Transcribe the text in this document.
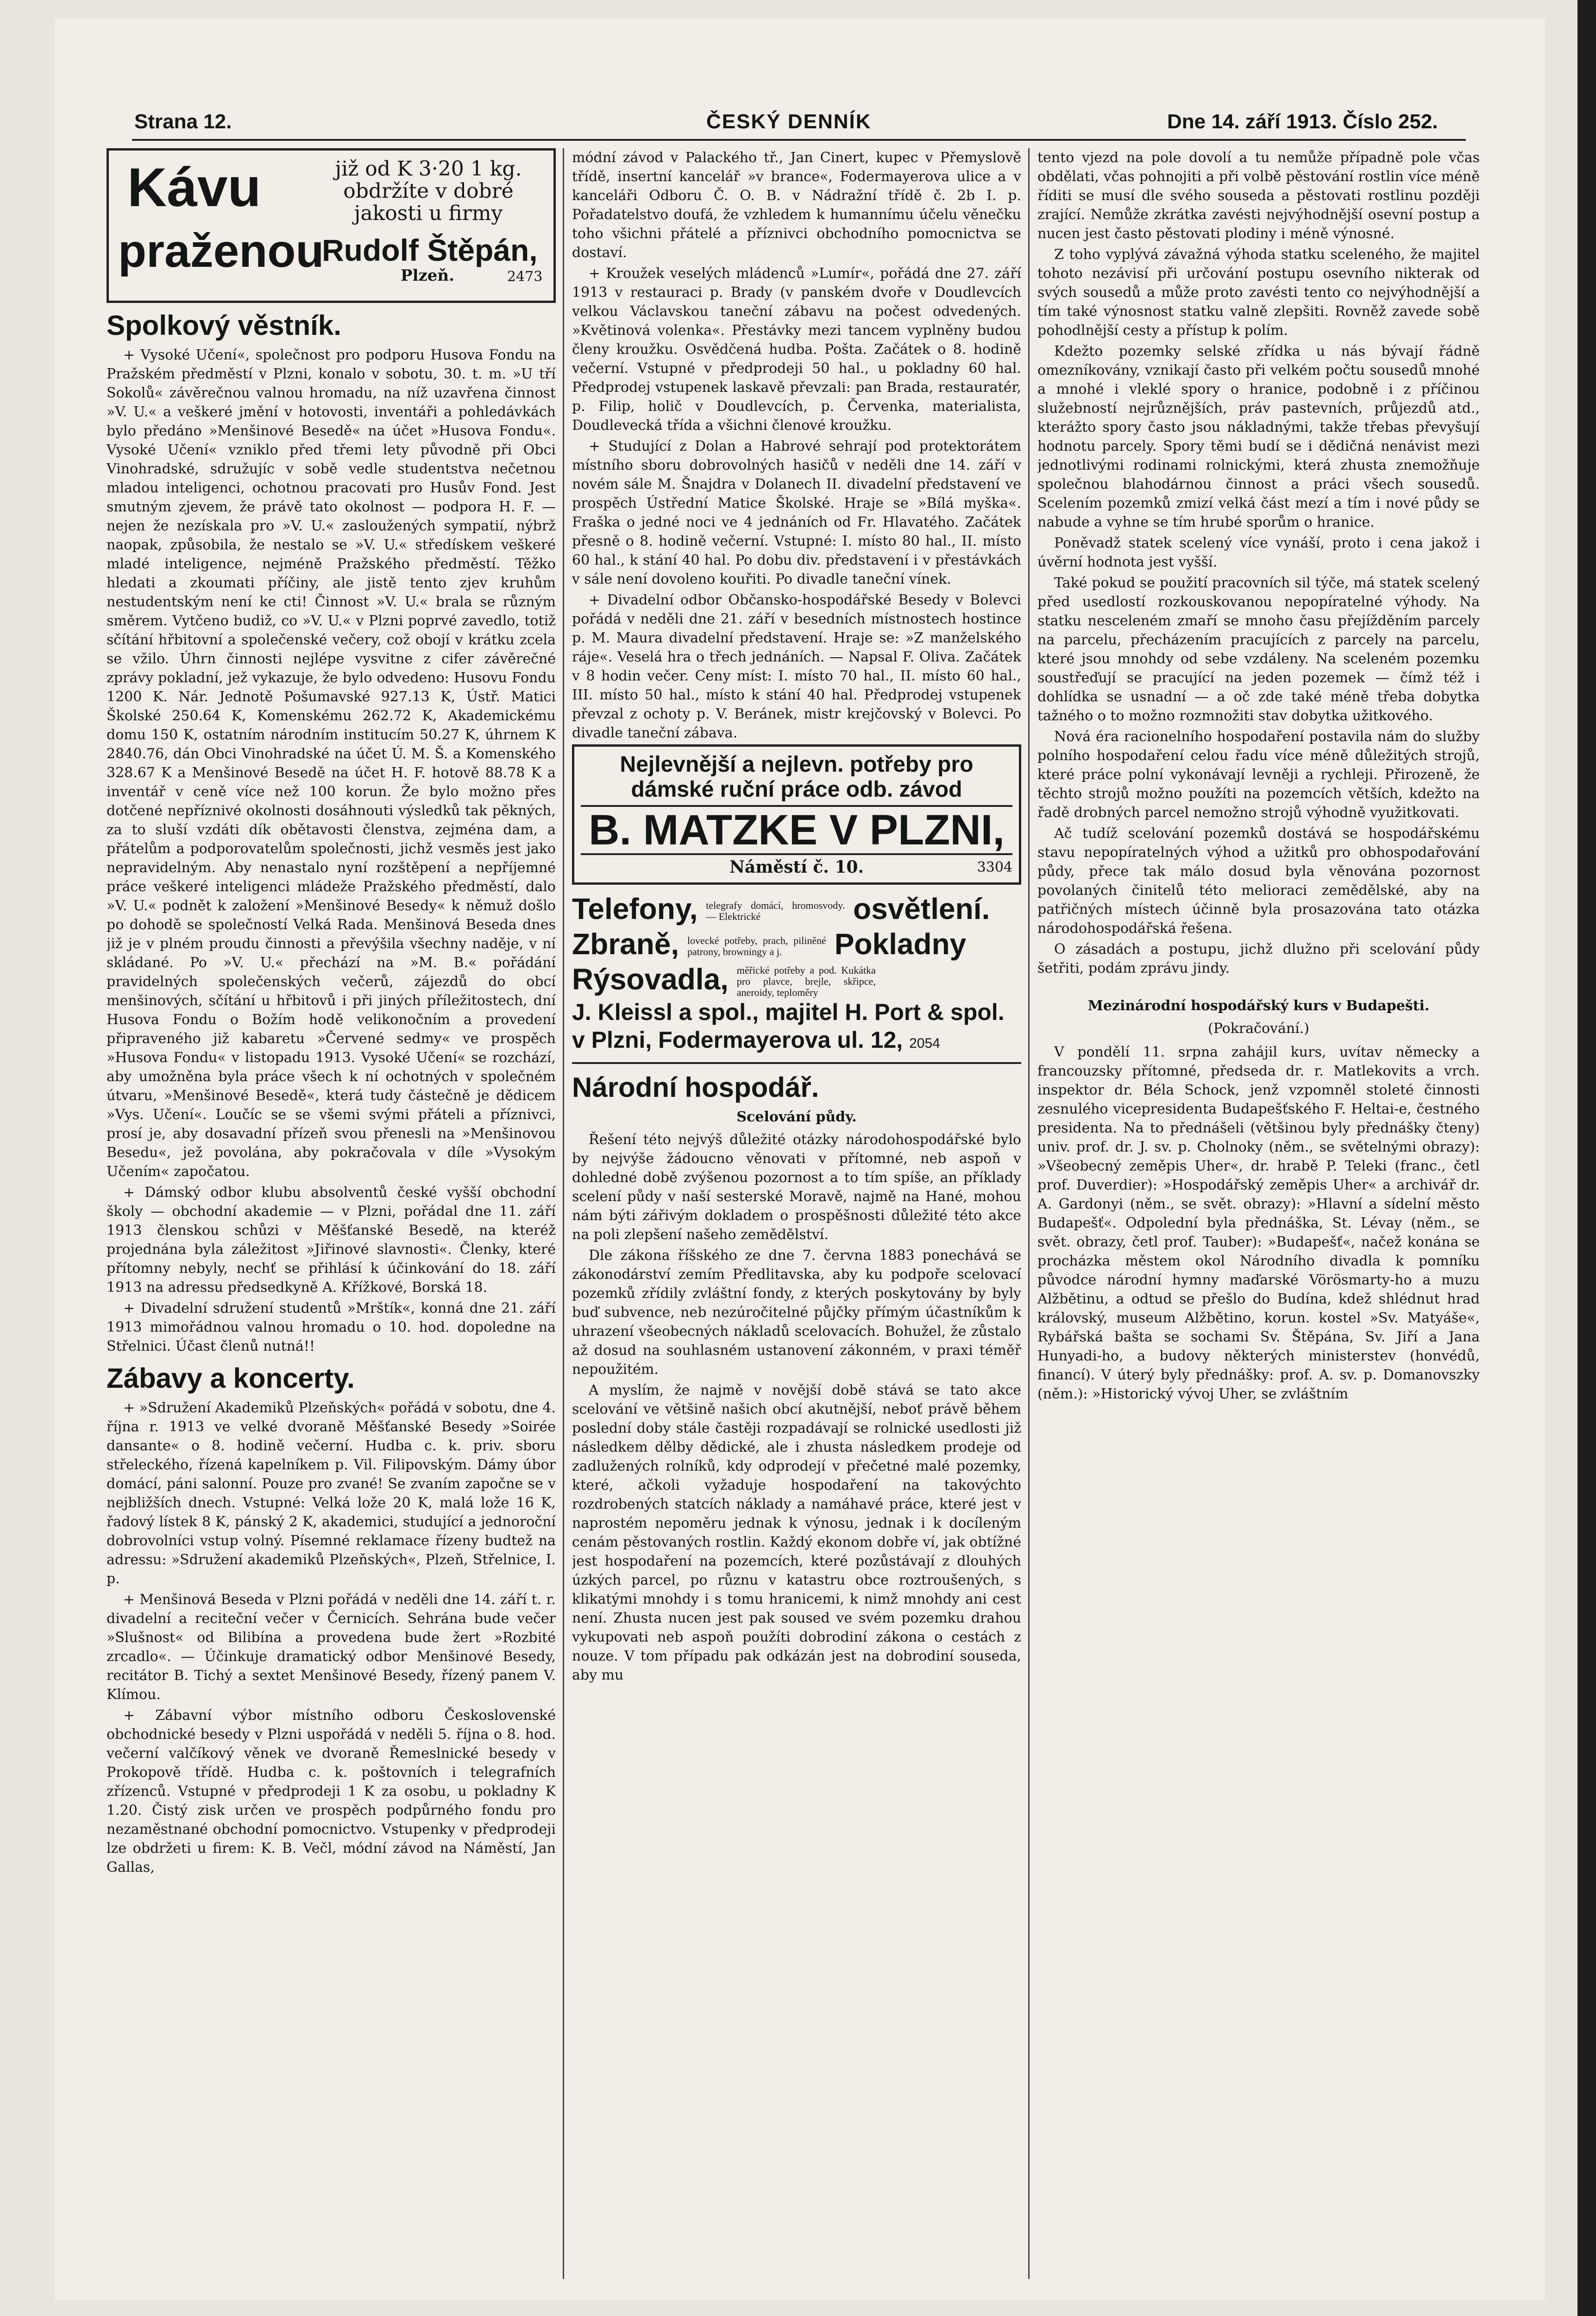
Strana 12.	ČESKÝ DENNÍK	Dne 14. září 1913. Číslo 252.
Kávu	již od K 3·20 1 kg. obdržíte v dobré jakosti u firmy
praženou
Rudolf Štěpán,
Plzeň.	2473
Spolkový věstník.

+ Vysoké Učení«, společnost pro podporu Husova Fondu na Pražském předměstí v Plzni, konalo v sobotu, 30. t. m. »U tří Sokolů« závěrečnou valnou hromadu, na níž uzavřena činnost »V. U.« a veškeré jmění v hotovosti, inventáři a pohledávkách bylo předáno »Menšinové Besedě« na účet »Husova Fondu«. Vysoké Učení« vzniklo před třemi lety původně při Obci Vinohradské, sdružujíc v sobě vedle studentstva nečetnou mladou inteligenci, ochotnou pracovati pro Husův Fond. Jest smutným zjevem, že právě tato okolnost — podpora H. F. — nejen že nezískala pro »V. U.« zasloužených sympatií, nýbrž naopak, způsobila, že nestalo se »V. U.« středískem veškeré mladé inteligence, nejméně Pražského předměstí. Těžko hledati a zkoumati příčiny, ale jistě tento zjev kruhům nestudentským není ke cti! Činnost »V. U.« brala se různým směrem. Vytčeno budiž, co »V. U.« v Plzni poprvé zavedlo, totiž sčítání hřbitovní a společenské večery, což obojí v krátku zcela se vžilo. Úhrn činnosti nejlépe vysvitne z cifer závěrečné zprávy pokladní, jež vykazuje, že bylo odvedeno: Husovu Fondu 1200 K. Nár. Jednotě Pošumavské 927.13 K, Ústř. Matici Školské 250.64 K, Komenskému 262.72 K, Akademickému domu 150 K, ostatním národním institucím 50.27 K, úhrnem K 2840.76, dán Obci Vinohradské na účet Ú. M. Š. a Komenského 328.67 K a Menšinové Besedě na účet H. F. hotově 88.78 K a inventář v ceně více než 100 korun. Že bylo možno přes dotčené nepříznivé okolnosti dosáhnouti výsledků tak pěkných, za to sluší vzdáti dík obětavosti členstva, zejména dam, a přátelům a podporovatelům společnosti, jichž vesměs jest jako nepravidelným. Aby nenastalo nyní rozštěpení a nepříjemné práce veškeré inteligenci mládeže Pražského předměstí, dalo »V. U.« podnět k založení »Menšinové Besedy« k němuž došlo po dohodě se společností Velká Rada. Menšinová Beseda dnes již je v plném proudu činnosti a převýšila všechny naděje, v ní skládané. Po »V. U.« přechází na »M. B.« pořádání pravidelných společenských večerů, zájezdů do obcí menšinových, sčítání u hřbitovů i při jiných příležitostech, dní Husova Fondu o Božím hodě velikonočním a provedení připraveného již kabaretu »Červené sedmy« ve prospěch »Husova Fondu« v listopadu 1913. Vysoké Učení« se rozchází, aby umožněna byla práce všech k ní ochotných v společném útvaru, »Menšinové Besedě«, která tudy částečně je dědicem »Vys. Učení«. Loučíc se se všemi svými přáteli a příznivci, prosí je, aby dosavadní přízeň svou přenesli na »Menšinovou Besedu«, jež povolána, aby pokračovala v díle »Vysokým Učením« započatou.

+ Dámský odbor klubu absolventů české vyšší obchodní školy — obchodní akademie — v Plzni, pořádal dne 11. září 1913 členskou schůzi v Měšťanské Besedě, na kteréž projednána byla záležitost »Jiřinové slavnosti«. Členky, které přítomny nebyly, nechť se přihlásí k účinkování do 18. září 1913 na adressu předsedkyně A. Křížkové, Borská 18.

+ Divadelní sdružení studentů »Mrštík«, konná dne 21. září 1913 mimořádnou valnou hromadu o 10. hod. dopoledne na Střelnici. Účast členů nutná!!

Zábavy a koncerty.

+ »Sdružení Akademiků Plzeňských« pořádá v sobotu, dne 4. října r. 1913 ve velké dvoraně Měšťanské Besedy »Soirée dansante« o 8. hodině večerní. Hudba c. k. priv. sboru střeleckého, řízená kapelníkem p. Vil. Filipovským. Dámy úbor domácí, páni salonní. Pouze pro zvané! Se zvaním započne se v nejbližších dnech. Vstupné: Velká lože 20 K, malá lože 16 K, řadový lístek 8 K, pánský 2 K, akademici, studující a jednoroční dobrovolníci vstup volný. Písemné reklamace řízeny budtež na adressu: »Sdružení akademiků Plzeňských«, Plzeň, Střelnice, I. p.

+ Menšinová Beseda v Plzni pořádá v neděli dne 14. září t. r. divadelní a reciteční večer v Černicích. Sehrána bude večer »Slušnost« od Bilibína a provedena bude žert »Rozbité zrcadlo«. — Účinkuje dramatický odbor Menšinové Besedy, recitátor B. Tichý a sextet Menšinové Besedy, řízený panem V. Klímou.

+ Zábavní výbor místního odboru Československé obchodnické besedy v Plzni uspořádá v neděli 5. října o 8. hod. večerní valčíkový věnek ve dvoraně Řemeslnické besedy v Prokopově třídě. Hudba c. k. poštovních i telegrafních zřízenců. Vstupné v předprodeji 1 K za osobu, u pokladny K 1.20. Čistý zisk určen ve prospěch podpůrného fondu pro nezaměstnané obchodní pomocnictvo. Vstupenky v předprodeji lze obdržeti u firem: K. B. Večl, módní závod na Náměstí, Jan Gallas,

módní závod v Palackého tř., Jan Cinert, kupec v Přemyslově třídě, insertní kancelář »v brance«, Fodermayerova ulice a v kanceláři Odboru Č. O. B. v Nádražní třídě č. 2b I. p. Pořadatelstvo doufá, že vzhledem k humannímu účelu věnečku toho všichni přátelé a příznivci obchodního pomocnictva se dostaví.

+ Kroužek veselých mládenců »Lumír«, pořádá dne 27. září 1913 v restauraci p. Brady (v panském dvoře v Doudlevcích velkou Václavskou taneční zábavu na počest odvedených. »Květinová volenka«. Přestávky mezi tancem vyplněny budou členy kroužku. Osvědčená hudba. Pošta. Začátek o 8. hodině večerní. Vstupné v předprodeji 50 hal., u pokladny 60 hal. Předprodej vstupenek laskavě převzali: pan Brada, restauratér, p. Filip, holič v Doudlevcích, p. Červenka, materialista, Doudlevecká třída a všichni členové kroužku.

+ Studující z Dolan a Habrové sehrají pod protektorátem místního sboru dobrovolných hasičů v neděli dne 14. září v novém sále M. Šnajdra v Dolanech II. divadelní představení ve prospěch Ústřední Matice Školské. Hraje se »Bílá myška«. Fraška o jedné noci ve 4 jednáních od Fr. Hlavatého. Začátek přesně o 8. hodině večerní. Vstupné: I. místo 80 hal., II. místo 60 hal., k stání 40 hal. Po dobu div. představení i v přestávkách v sále není dovoleno kouřiti. Po divadle taneční vínek.

+ Divadelní odbor Občansko-hospodářské Besedy v Bolevci pořádá v neděli dne 21. září v besedních místnostech hostince p. M. Maura divadelní představení. Hraje se: »Z manželského ráje«. Veselá hra o třech jednáních. — Napsal F. Oliva. Začátek v 8 hodin večer. Ceny míst: I. místo 70 hal., II. místo 60 hal., III. místo 50 hal., místo k stání 40 hal. Předprodej vstupenek převzal z ochoty p. V. Beránek, mistr krejčovský v Bolevci. Po divadle taneční zábava.

Nejlevnější a nejlevn. potřeby pro dámské ruční práce odb. závod
B. MATZKE V PLZNI,
Náměstí č. 10.	3304
Telefony, telegrafy domácí, hromosvody. — Elektrické	osvětlení.
Zbraně, lovecké potřeby, prach, piliněné patrony, browningy a j. Pokladny
Rýsovadla, měřické potřeby a pod. Kukátka pro plavce, brejle, skřipce, aneroidy, teploměry
J. Kleissl a spol., majitel H. Port & spol.
v Plzni, Fodermayerova ul. 12, 2054
Národní hospodář.
Scelování půdy.

Řešení této nejvýš důležité otázky národohospodářské bylo by nejvýše žádoucno věnovati v přítomné, neb aspoň v dohledné době zvýšenou pozornost a to tím spíše, an příklady scelení půdy v naší sesterské Moravě, najmě na Hané, mohou nám býti zářivým dokladem o prospěšnosti důležité této akce na poli zlepšení našeho zemědělství.

Dle zákona říšského ze dne 7. června 1883 ponechává se zákonodárství zemím Předlitavska, aby ku podpoře scelovací pozemků zřídily zvláštní fondy, z kterých poskytovány by byly buď subvence, neb nezúročitelné půjčky přímým účastníkům k uhrazení všeobecných nákladů scelovacích. Bohužel, že zůstalo až dosud na souhlasném ustanovení zákonném, v praxi téměř nepoužitém.

A myslím, že najmě v novější době stává se tato akce scelování ve většině našich obcí akutnější, neboť právě během poslední doby stále častěji rozpadávají se rolnické usedlosti již následkem dělby dědické, ale i zhusta následkem prodeje od zadlužených rolníků, kdy odprodejí v přečetné malé pozemky, které, ačkoli vyžaduje hospodaření na takovýchto rozdrobených statcích náklady a namáhavé práce, které jest v naprostém nepoměru jednak k výnosu, jednak i k docíleným cenám pěstovaných rostlin. Každý ekonom dobře ví, jak obtížné jest hospodaření na pozemcích, které pozůstávají z dlouhých úzkých parcel, po různu v katastru obce roztroušených, s klikatými mnohdy i s tomu hranicemi, k nimž mnohdy ani cest není. Zhusta nucen jest pak soused ve svém pozemku drahou vykupovati neb aspoň použíti dobrodiní zákona o cestách z nouze. V tom případu pak odkázán jest na dobrodiní souseda, aby mu

tento vjezd na pole dovolí a tu nemůže případně pole včas obdělati, včas pohnojiti a při volbě pěstování rostlin více méně říditi se musí dle svého souseda a pěstovati rostlinu později zrající. Nemůže zkrátka zavésti nejvýhodnější osevní postup a nucen jest často pěstovati plodiny i méně výnosné.

Z toho vyplývá závažná výhoda statku sceleného, že majitel tohoto nezávisí při určování postupu osevního nikterak od svých sousedů a může proto zavésti tento co nejvýhodnější a tím také výnosnost statku valně zlepšiti. Rovněž zavede sobě pohodlnější cesty a přístup k polím.

Kdežto pozemky selské zřídka u nás bývají řádně omezníkovány, vznikají často při velkém počtu sousedů mnohé a mnohé i vleklé spory o hranice, podobně i z příčinou služebností nejrůznějších, práv pastevních, průjezdů atd., kterážto spory často jsou nákladnými, takže třebas převyšují hodnotu parcely. Spory těmi budí se i dědičná nenávist mezi jednotlivými rodinami rolnickými, která zhusta znemožňuje společnou blahodárnou činnost a práci všech sousedů. Scelením pozemků zmizí velká část mezí a tím i nové půdy se nabude a vyhne se tím hrubé sporům o hranice.

Poněvadž statek scelený více vynáší, proto i cena jakož i úvěrní hodnota jest vyšší.

Také pokud se použití pracovních sil týče, má statek scelený před usedlostí rozkouskovanou nepopíratelné výhody. Na statku nesceleném zmaří se mnoho času přejížděním parcely na parcelu, přecházením pracujících z parcely na parcelu, které jsou mnohdy od sebe vzdáleny. Na sceleném pozemku soustřeďují se pracující na jeden pozemek — čímž též i dohlídka se usnadní — a oč zde také méně třeba dobytka tažného o to možno rozmnožiti stav dobytka užitkového.

Nová éra racionelního hospodaření postavila nám do služby polního hospodaření celou řadu více méně důležitých strojů, které práce polní vykonávají levněji a rychleji. Přirozeně, že těchto strojů možno použíti na pozemcích větších, kdežto na řadě drobných parcel nemožno strojů výhodně využitkovati.

Ač tudíž scelování pozemků dostává se hospodářskému stavu nepopíratelných výhod a užitků pro obhospodařování půdy, přece tak málo dosud byla věnována pozornost povolaných činitelů této melioraci zemědělské, aby na patřičných místech účinně byla prosazována tato otázka národohospodářská řešena.

O zásadách a postupu, jichž dlužno při scelování půdy šetřiti, podám zprávu jindy.

Mezinárodní hospodářský kurs v Budapešti.
(Pokračování.)

V pondělí 11. srpna zahájil kurs, uvítav německy a francouzsky přítomné, předseda dr. r. Matlekovits a vrch. inspektor dr. Béla Schock, jenž vzpomněl stoleté činnosti zesnulého vicepresidenta Budapešťského F. Heltai-e, čestného presidenta. Na to přednášeli (většinou byly přednášky čteny) univ. prof. dr. J. sv. p. Cholnoky (něm., se světelnými obrazy): »Všeobecný zeměpis Uher«, dr. hrabě P. Teleki (franc., četl prof. Duverdier): »Hospodářský zeměpis Uher« a archivář dr. A. Gardonyi (něm., se svět. obrazy): »Hlavní a sídelní město Budapešť«. Odpolední byla přednáška, St. Lévay (něm., se svět. obrazy, četl prof. Tauber): »Budapešť«, načež konána se procházka městem okol Národního divadla k pomníku původce národní hymny maďarské Vörösmarty-ho a muzu Alžbětinu, a odtud se přešlo do Budína, kdež shlédnut hrad královský, museum Alžbětino, korun. kostel »Sv. Matyáše«, Rybářská bašta se sochami Sv. Štěpána, Sv. Jiří a Jana Hunyadi-ho, a budovy některých ministerstev (honvédů, financí). V úterý byly přednášky: prof. A. sv. p. Domanovszky (něm.): »Historický vývoj Uher, se zvláštním
